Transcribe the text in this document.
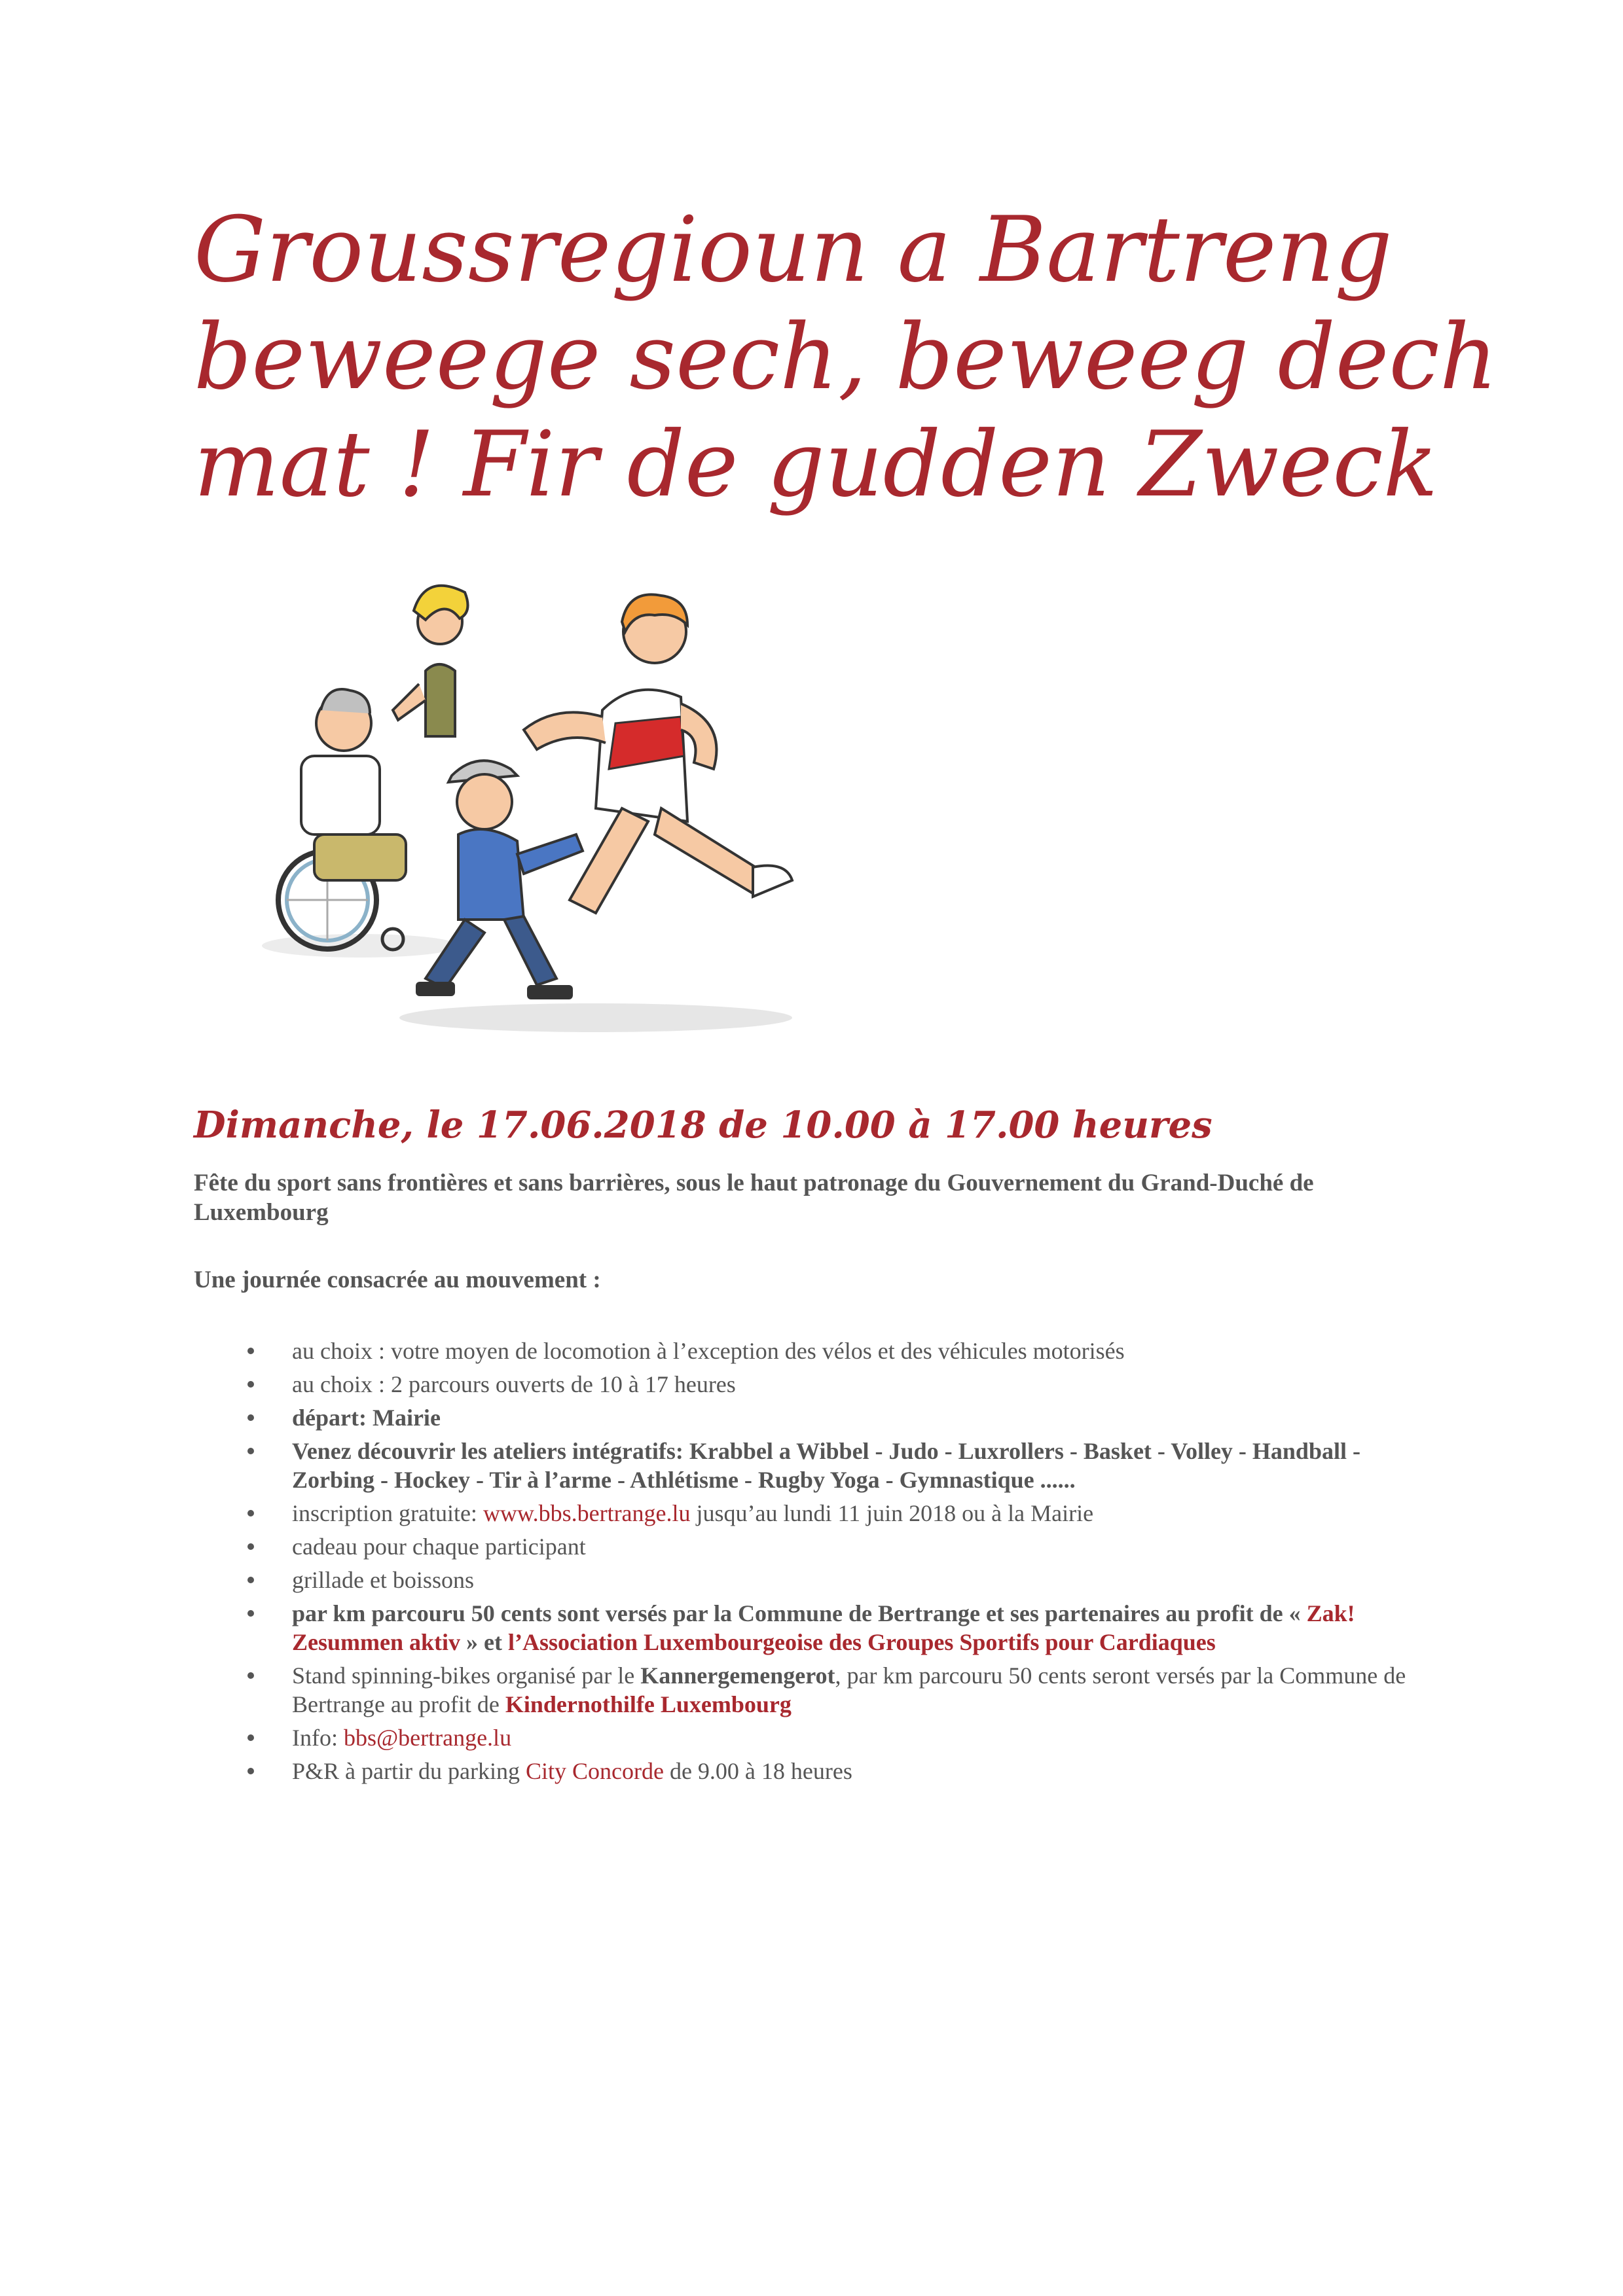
Groussregioun a Bartreng
beweege sech, beweeg dech
mat ! Fir de gudden Zweck
Dimanche, le 17.06.2018 de 10.00 à 17.00 heures

Fête du sport sans frontières et sans barrières, sous le haut patronage du Gouvernement du Grand-Duché de Luxembourg

Une journée consacrée au mouvement :

au choix : votre moyen de locomotion à l’exception des vélos et des véhicules motorisés
au choix : 2 parcours ouverts de 10 à 17 heures
départ: Mairie
Venez découvrir les ateliers intégratifs: Krabbel a Wibbel - Judo - Luxrollers - Basket - Volley - Handball - Zorbing - Hockey - Tir à l’arme - Athlétisme - Rugby Yoga - Gymnastique ......
inscription gratuite: www.bbs.bertrange.lu jusqu’au lundi 11 juin 2018 ou à la Mairie
cadeau pour chaque participant
grillade et boissons
par km parcouru 50 cents sont versés par la Commune de Bertrange et ses partenaires au profit de « Zak! Zesummen aktiv » et l’Association Luxembourgeoise des Groupes Sportifs pour Cardiaques
Stand spinning-bikes organisé par le Kannergemengerot, par km parcouru 50 cents seront versés par la Commune de Bertrange au profit de Kindernothilfe Luxembourg
Info: bbs@bertrange.lu
P&R à partir du parking City Concorde de 9.00 à 18 heures
